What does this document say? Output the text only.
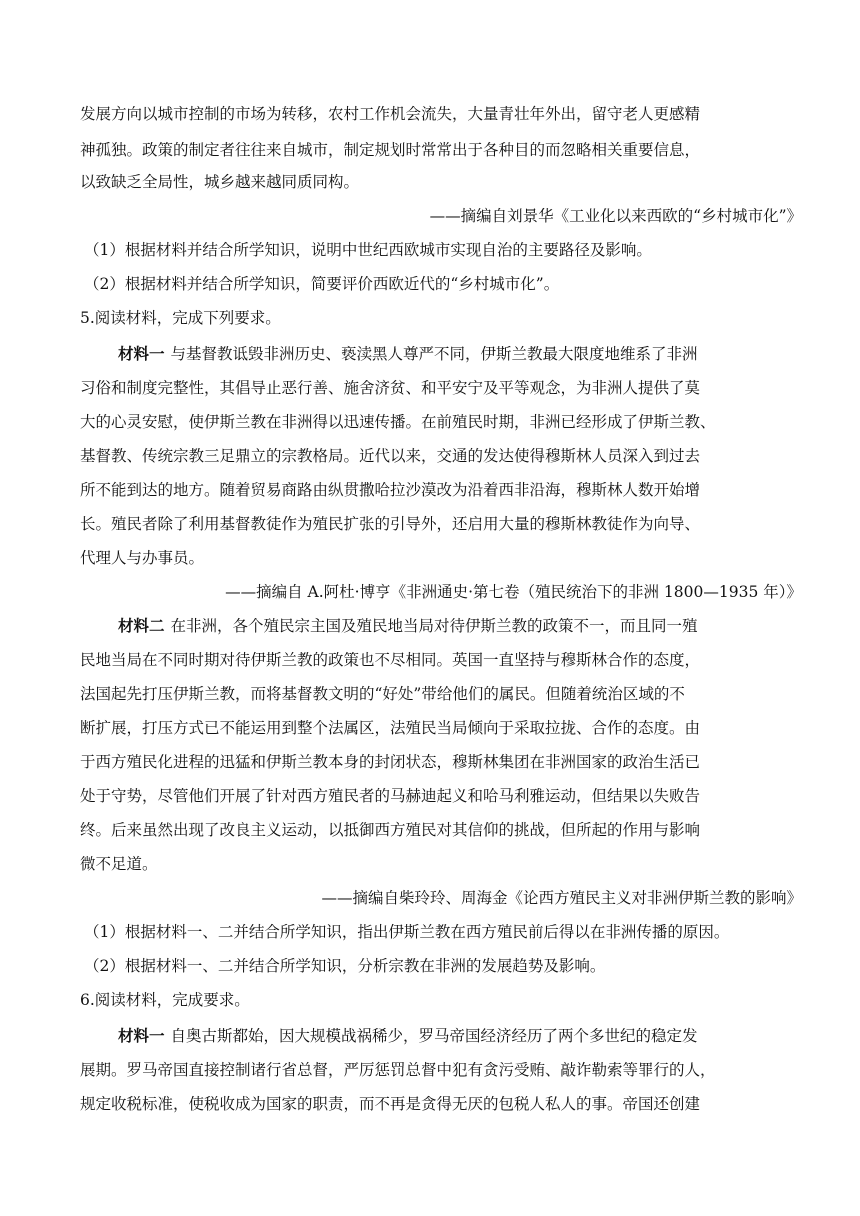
发展方向以城市控制的市场为转移，农村工作机会流失，大量青壮年外出，留守老人更感精
神孤独。政策的制定者往往来自城市，制定规划时常常出于各种目的而忽略相关重要信息，
以致缺乏全局性，城乡越来越同质同构。
——摘编自刘景华《工业化以来西欧的“乡村城市化”》
（1）根据材料并结合所学知识，说明中世纪西欧城市实现自治的主要路径及影响。
（2）根据材料并结合所学知识，简要评价西欧近代的“乡村城市化”。
5.阅读材料，完成下列要求。
材料一 与基督教诋毁非洲历史、亵渎黑人尊严不同，伊斯兰教最大限度地维系了非洲
习俗和制度完整性，其倡导止恶行善、施舍济贫、和平安宁及平等观念，为非洲人提供了莫
大的心灵安慰，使伊斯兰教在非洲得以迅速传播。在前殖民时期，非洲已经形成了伊斯兰教、
基督教、传统宗教三足鼎立的宗教格局。近代以来，交通的发达使得穆斯林人员深入到过去
所不能到达的地方。随着贸易商路由纵贯撒哈拉沙漠改为沿着西非沿海，穆斯林人数开始增
长。殖民者除了利用基督教徒作为殖民扩张的引导外，还启用大量的穆斯林教徒作为向导、
代理人与办事员。
——摘编自 A.阿杜·博亨《非洲通史·第七卷（殖民统治下的非洲 1800—1935 年）》
材料二 在非洲，各个殖民宗主国及殖民地当局对待伊斯兰教的政策不一，而且同一殖
民地当局在不同时期对待伊斯兰教的政策也不尽相同。英国一直坚持与穆斯林合作的态度，
法国起先打压伊斯兰教，而将基督教文明的“好处”带给他们的属民。但随着统治区域的不
断扩展，打压方式已不能运用到整个法属区，法殖民当局倾向于采取拉拢、合作的态度。由
于西方殖民化进程的迅猛和伊斯兰教本身的封闭状态，穆斯林集团在非洲国家的政治生活已
处于守势，尽管他们开展了针对西方殖民者的马赫迪起义和哈马利雅运动，但结果以失败告
终。后来虽然出现了改良主义运动，以抵御西方殖民对其信仰的挑战，但所起的作用与影响
微不足道。
——摘编自柴玲玲、周海金《论西方殖民主义对非洲伊斯兰教的影响》
（1）根据材料一、二并结合所学知识，指出伊斯兰教在西方殖民前后得以在非洲传播的原因。
（2）根据材料一、二并结合所学知识，分析宗教在非洲的发展趋势及影响。
6.阅读材料，完成要求。
材料一 自奥古斯都始，因大规模战祸稀少，罗马帝国经济经历了两个多世纪的稳定发
展期。罗马帝国直接控制诸行省总督，严厉惩罚总督中犯有贪污受贿、敲诈勒索等罪行的人，
规定收税标准，使税收成为国家的职责，而不再是贪得无厌的包税人私人的事。帝国还创建
